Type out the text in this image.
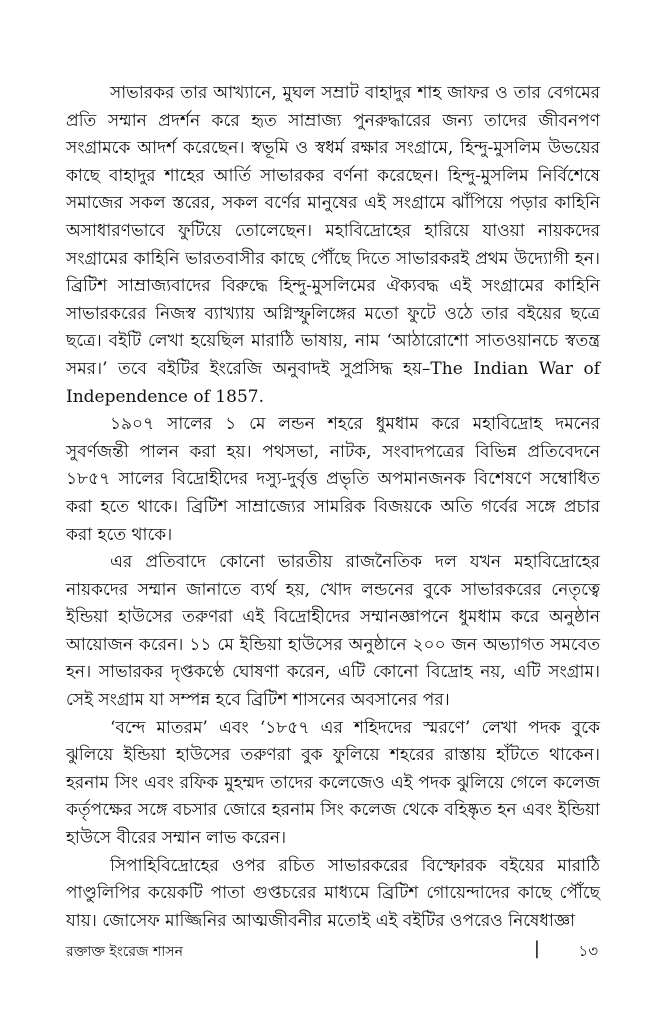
সাভারকর তার আখ্যানে, মুঘল সম্রাট বাহাদুর শাহ জাফর ও তার বেগমের প্রতি সম্মান প্রদর্শন করে হৃত সাম্রাজ্য পুনরুদ্ধারের জন্য তাদের জীবনপণ সংগ্রামকে আদর্শ করেছেন। স্বভূমি ও স্বধর্ম রক্ষার সংগ্রামে, হিন্দু-মুসলিম উভয়ের কাছে বাহাদুর শাহের আর্তি সাভারকর বর্ণনা করেছেন। হিন্দু-মুসলিম নির্বিশেষে সমাজের সকল স্তরের, সকল বর্ণের মানুষের এই সংগ্রামে ঝাঁপিয়ে পড়ার কাহিনি অসাধারণভাবে ফুটিয়ে তোলেছেন। মহাবিদ্রোহের হারিয়ে যাওয়া নায়কদের সংগ্রামের কাহিনি ভারতবাসীর কাছে পৌঁছে দিতে সাভারকরই প্রথম উদ্যোগী হন। ব্রিটিশ সাম্রাজ্যবাদের বিরুদ্ধে হিন্দু-মুসলিমের ঐক্যবদ্ধ এই সংগ্রামের কাহিনি সাভারকরের নিজস্ব ব্যাখ্যায় অগ্নিস্ফুলিঙ্গের মতো ফুটে ওঠে তার বইয়ের ছত্রে ছত্রে। বইটি লেখা হয়েছিল মারাঠি ভাষায়, নাম ‘আঠারোশো সাতওয়ানচে স্বতন্ত্র সমর।’ তবে বইটির ইংরেজি অনুবাদই সুপ্রসিদ্ধ হয়–The Indian War of Independence of 1857.

১৯০৭ সালের ১ মে লন্ডন শহরে ধুমধাম করে মহাবিদ্রোহ দমনের সুবর্ণজন্তী পালন করা হয়। পথসভা, নাটক, সংবাদপত্রের বিভিন্ন প্রতিবেদনে ১৮৫৭ সালের বিদ্রোহীদের দস্যু-দুর্বৃত্ত প্রভৃতি অপমানজনক বিশেষণে সম্বোধিত করা হতে থাকে। ব্রিটিশ সাম্রাজ্যের সামরিক বিজয়কে অতি গর্বের সঙ্গে প্রচার করা হতে থাকে।

এর প্রতিবাদে কোনো ভারতীয় রাজনৈতিক দল যখন মহাবিদ্রোহের নায়কদের সম্মান জানাতে ব্যর্থ হয়, খোদ লন্ডনের বুকে সাভারকরের নেতৃত্বে ইন্ডিয়া হাউসের তরুণরা এই বিদ্রোহীদের সম্মানজ্ঞাপনে ধুমধাম করে অনুষ্ঠান আয়োজন করেন। ১১ মে ইন্ডিয়া হাউসের অনুষ্ঠানে ২০০ জন অভ্যাগত সমবেত হন। সাভারকর দৃপ্তকণ্ঠে ঘোষণা করেন, এটি কোনো বিদ্রোহ নয়, এটি সংগ্রাম। সেই সংগ্রাম যা সম্পন্ন হবে ব্রিটিশ শাসনের অবসানের পর।

‘বন্দে মাতরম’ এবং ‘১৮৫৭ এর শহিদদের স্মরণে’ লেখা পদক বুকে ঝুলিয়ে ইন্ডিয়া হাউসের তরুণরা বুক ফুলিয়ে শহরের রাস্তায় হাঁটতে থাকেন। হরনাম সিং এবং রফিক মুহম্মদ তাদের কলেজেও এই পদক ঝুলিয়ে গেলে কলেজ কর্তৃপক্ষের সঙ্গে বচসার জোরে হরনাম সিং কলেজ থেকে বহিষ্কৃত হন এবং ইন্ডিয়া হাউসে বীরের সম্মান লাভ করেন।

সিপাহিবিদ্রোহের ওপর রচিত সাভারকরের বিস্ফোরক বইয়ের মারাঠি পাণ্ডুলিপির কয়েকটি পাতা গুপ্তচরের মাধ্যমে ব্রিটিশ গোয়েন্দাদের কাছে পৌঁছে যায়। জোসেফ মাজ্জিনির আত্মজীবনীর মতোই এই বইটির ওপরেও নিষেধাজ্ঞা

রক্তাক্ত ইংরেজ শাসন	|	১৩
